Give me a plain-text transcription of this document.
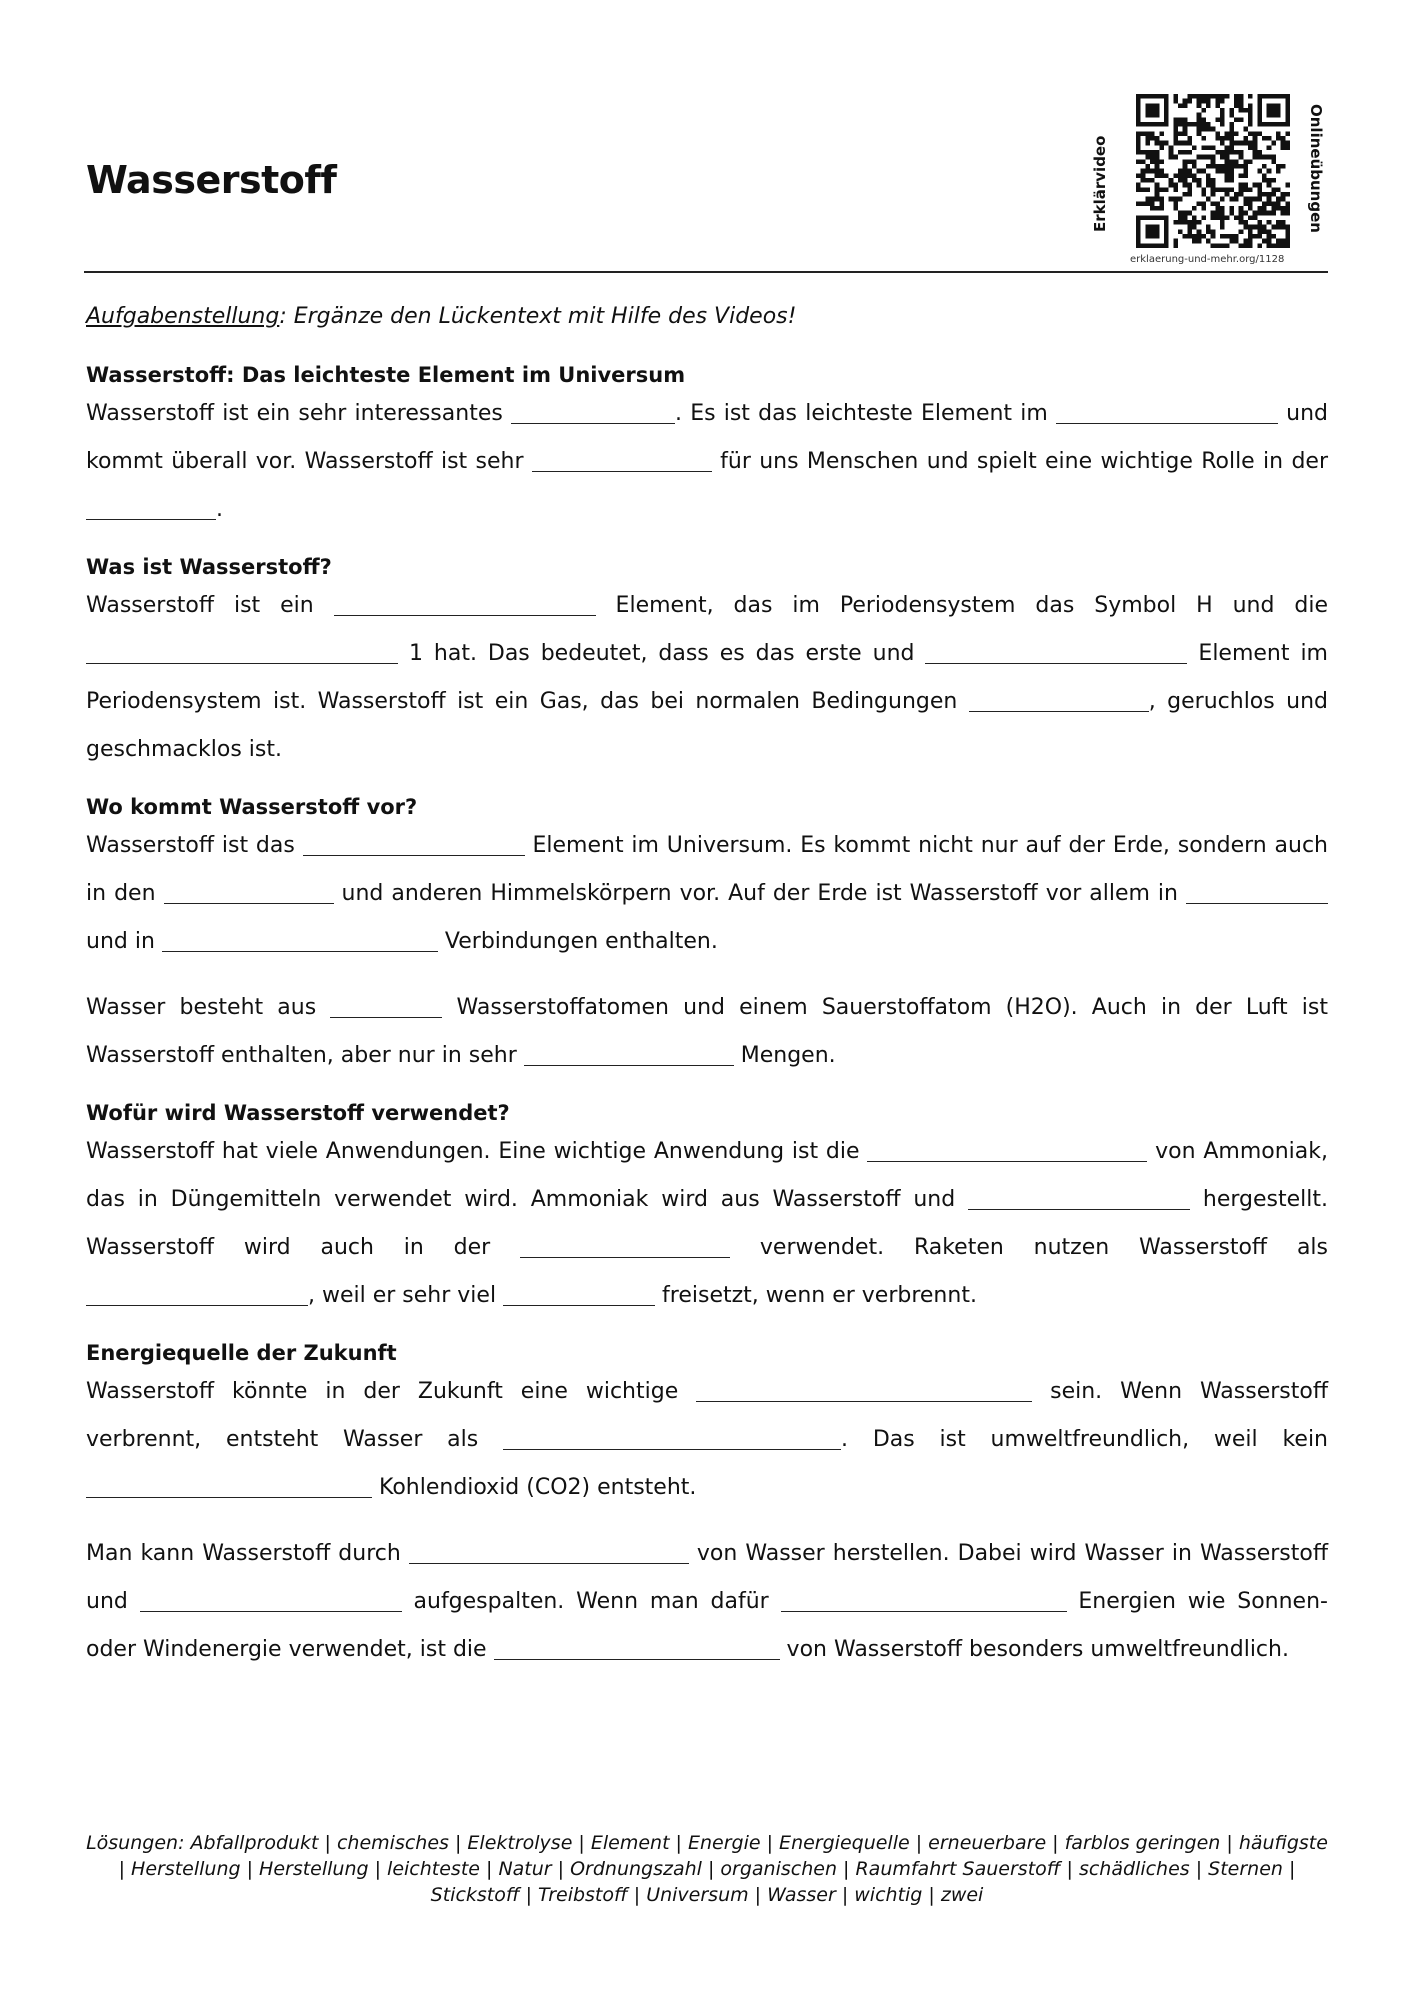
Wasserstoff	Erklärvideo	Onlineübungen
erklaerung-und-mehr.org/1128

Aufgabenstellung: Ergänze den Lückentext mit Hilfe des Videos!

Wasserstoff: Das leichteste Element im Universum

Wasserstoff ist ein sehr interessantes	. Es ist das leichteste Element im	und kommt überall vor. Wasserstoff ist sehr	für uns Menschen und spielt eine wichtige Rolle in der .

Was ist Wasserstoff?

Wasserstoff ist ein	Element, das im Periodensystem das Symbol H und die  1 hat. Das bedeutet, dass es das erste und	Element im Periodensystem ist. Wasserstoff ist ein Gas, das bei normalen Bedingungen	, geruchlos und geschmacklos ist.

Wo kommt Wasserstoff vor?

Wasserstoff ist das	Element im Universum. Es kommt nicht nur auf der Erde, sondern auch in den	und anderen Himmelskörpern vor. Auf der Erde ist Wasserstoff vor allem in  und in	Verbindungen enthalten.

Wasser besteht aus	Wasserstoffatomen und einem Sauerstoffatom (H2O). Auch in der Luft ist Wasserstoff enthalten, aber nur in sehr	Mengen.

Wofür wird Wasserstoff verwendet?

Wasserstoff hat viele Anwendungen. Eine wichtige Anwendung ist die	von Ammoniak, das in Düngemitteln verwendet wird. Ammoniak wird aus Wasserstoff und	hergestellt. Wasserstoff wird auch in der	verwendet. Raketen nutzen Wasserstoff als , weil er sehr viel	freisetzt, wenn er verbrennt.

Energiequelle der Zukunft

Wasserstoff könnte in der Zukunft eine wichtige	sein. Wenn Wasserstoff verbrennt, entsteht Wasser als	. Das ist umweltfreundlich, weil kein  Kohlendioxid (CO2) entsteht.

Man kann Wasserstoff durch	von Wasser herstellen. Dabei wird Wasser in Wasserstoff und	aufgespalten. Wenn man dafür	Energien wie Sonnen- oder Windenergie verwendet, ist die	von Wasserstoff besonders umweltfreundlich.

Lösungen: Abfallprodukt | chemisches | Elektrolyse | Element | Energie | Energiequelle | erneuerbare | farblos geringen | häufigste | Herstellung | Herstellung | leichteste | Natur | Ordnungszahl | organischen | Raumfahrt Sauerstoff | schädliches | Sternen | Stickstoff | Treibstoff | Universum | Wasser | wichtig | zwei
